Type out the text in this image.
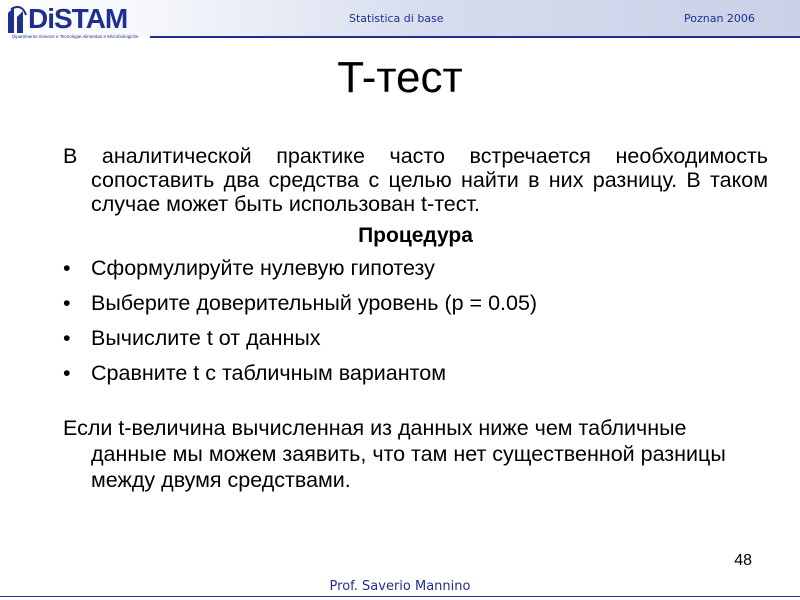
DiSTAM
Dipartimento Scienze e Tecnologie Alimentari e Microbiologiche
Statistica di base	Poznan 2006
T-тест

В аналитической практике часто встречается необходимость сопоставить два средства с целью найти в них разницу. В таком случае может быть использован t-тест.

Процедура

• Сформулируйте нулевую гипотезу
• Выберите доверительный уровень (p = 0.05)
• Вычислите t от данных
• Сравните t с табличным вариантом

Если t-величина вычисленная из данных ниже чем табличные данные мы можем заявить, что там нет существенной разницы между двумя средствами.

48
Prof. Saverio Mannino
